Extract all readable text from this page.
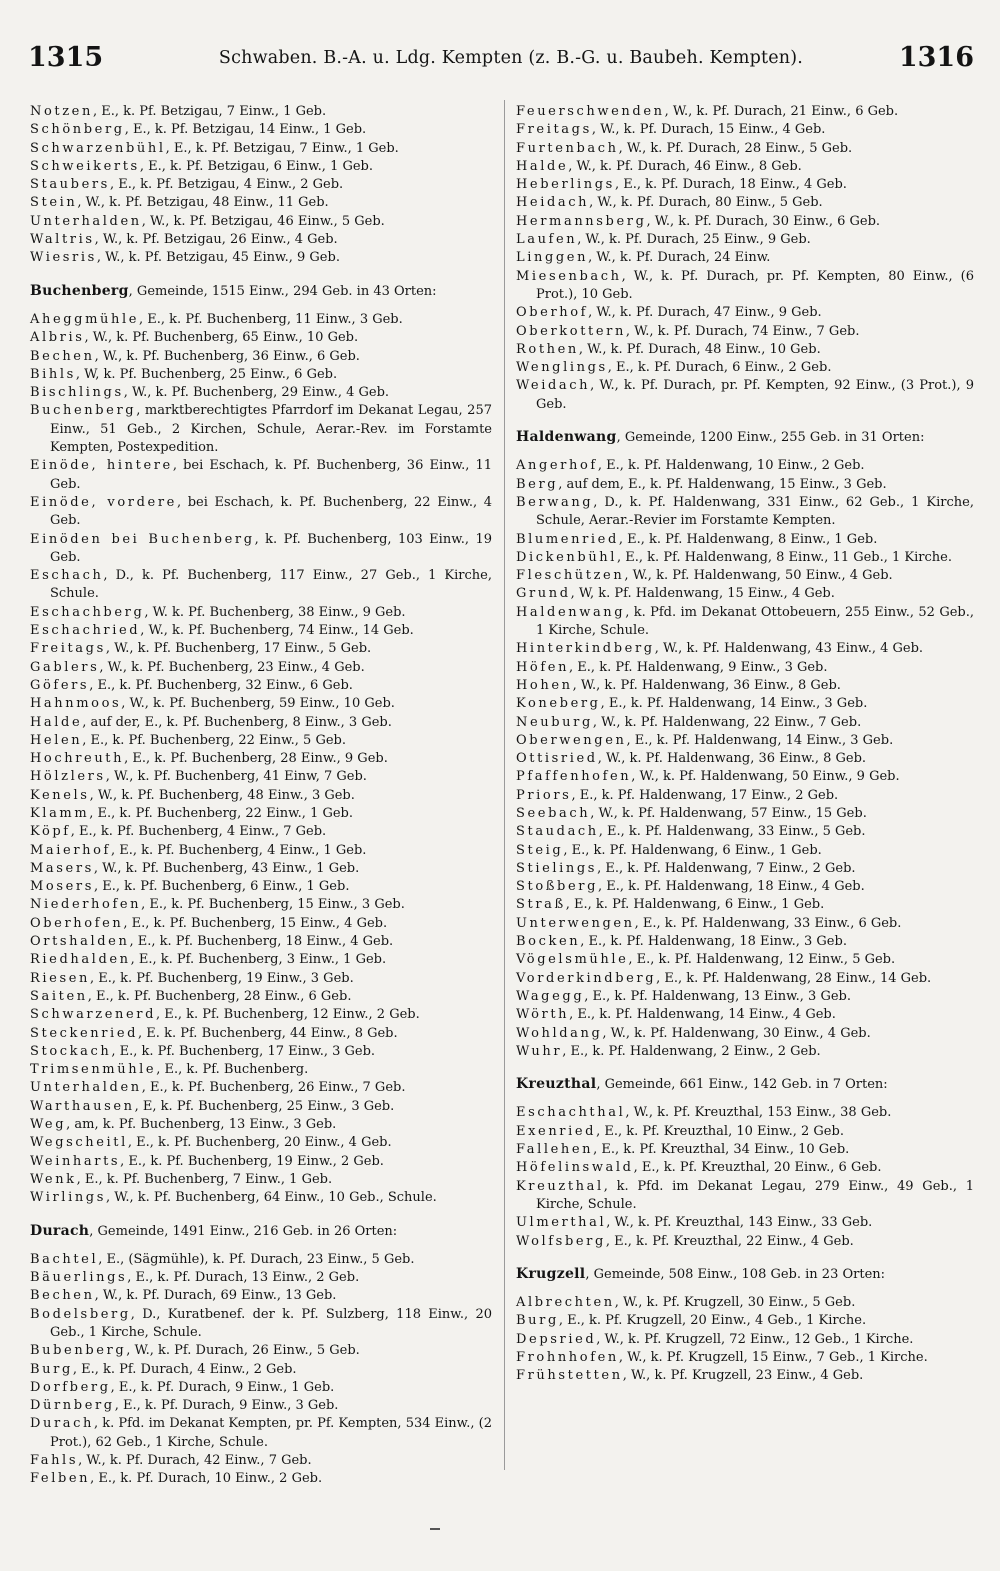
1315	Schwaben. B.-A. u. Ldg. Kempten (z. B.-G. u. Baubeh. Kempten).	1316

Notzen, E., k. Pf. Betzigau, 7 Einw., 1 Geb.

Schönberg, E., k. Pf. Betzigau, 14 Einw., 1 Geb.

Schwarzenbühl, E., k. Pf. Betzigau, 7 Einw., 1 Geb.

Schweikerts, E., k. Pf. Betzigau, 6 Einw., 1 Geb.

Staubers, E., k. Pf. Betzigau, 4 Einw., 2 Geb.

Stein, W., k. Pf. Betzigau, 48 Einw., 11 Geb.

Unterhalden, W., k. Pf. Betzigau, 46 Einw., 5 Geb.

Waltris, W., k. Pf. Betzigau, 26 Einw., 4 Geb.

Wiesris, W., k. Pf. Betzigau, 45 Einw., 9 Geb.

Buchenberg, Gemeinde, 1515 Einw., 294 Geb. in 43 Orten:

Aheggmühle, E., k. Pf. Buchenberg, 11 Einw., 3 Geb.

Albris, W., k. Pf. Buchenberg, 65 Einw., 10 Geb.

Bechen, W., k. Pf. Buchenberg, 36 Einw., 6 Geb.

Bihls, W, k. Pf. Buchenberg, 25 Einw., 6 Geb.

Bischlings, W., k. Pf. Buchenberg, 29 Einw., 4 Geb.

Buchenberg, marktberechtigtes Pfarrdorf im Dekanat Legau, 257 Einw., 51 Geb., 2 Kirchen, Schule, Aerar.-Rev. im Forstamte Kempten, Postexpedition.

Einöde, hintere, bei Eschach, k. Pf. Buchenberg, 36 Einw., 11 Geb.

Einöde, vordere, bei Eschach, k. Pf. Buchenberg, 22 Einw., 4 Geb.

Einöden bei Buchenberg, k. Pf. Buchenberg, 103 Einw., 19 Geb.

Eschach, D., k. Pf. Buchenberg, 117 Einw., 27 Geb., 1 Kirche, Schule.

Eschachberg, W. k. Pf. Buchenberg, 38 Einw., 9 Geb.

Eschachried, W., k. Pf. Buchenberg, 74 Einw., 14 Geb.

Freitags, W., k. Pf. Buchenberg, 17 Einw., 5 Geb.

Gablers, W., k. Pf. Buchenberg, 23 Einw., 4 Geb.

Göfers, E., k. Pf. Buchenberg, 32 Einw., 6 Geb.

Hahnmoos, W., k. Pf. Buchenberg, 59 Einw., 10 Geb.

Halde, auf der, E., k. Pf. Buchenberg, 8 Einw., 3 Geb.

Helen, E., k. Pf. Buchenberg, 22 Einw., 5 Geb.

Hochreuth, E., k. Pf. Buchenberg, 28 Einw., 9 Geb.

Hölzlers, W., k. Pf. Buchenberg, 41 Einw, 7 Geb.

Kenels, W., k. Pf. Buchenberg, 48 Einw., 3 Geb.

Klamm, E., k. Pf. Buchenberg, 22 Einw., 1 Geb.

Köpf, E., k. Pf. Buchenberg, 4 Einw., 7 Geb.

Maierhof, E., k. Pf. Buchenberg, 4 Einw., 1 Geb.

Masers, W., k. Pf. Buchenberg, 43 Einw., 1 Geb.

Mosers, E., k. Pf. Buchenberg, 6 Einw., 1 Geb.

Niederhofen, E., k. Pf. Buchenberg, 15 Einw., 3 Geb.

Oberhofen, E., k. Pf. Buchenberg, 15 Einw., 4 Geb.

Ortshalden, E., k. Pf. Buchenberg, 18 Einw., 4 Geb.

Riedhalden, E., k. Pf. Buchenberg, 3 Einw., 1 Geb.

Riesen, E., k. Pf. Buchenberg, 19 Einw., 3 Geb.

Saiten, E., k. Pf. Buchenberg, 28 Einw., 6 Geb.

Schwarzenerd, E., k. Pf. Buchenberg, 12 Einw., 2 Geb.

Steckenried, E. k. Pf. Buchenberg, 44 Einw., 8 Geb.

Stockach, E., k. Pf. Buchenberg, 17 Einw., 3 Geb.

Trimsenmühle, E., k. Pf. Buchenberg.

Unterhalden, E., k. Pf. Buchenberg, 26 Einw., 7 Geb.

Warthausen, E, k. Pf. Buchenberg, 25 Einw., 3 Geb.

Weg, am, k. Pf. Buchenberg, 13 Einw., 3 Geb.

Wegscheitl, E., k. Pf. Buchenberg, 20 Einw., 4 Geb.

Weinharts, E., k. Pf. Buchenberg, 19 Einw., 2 Geb.

Wenk, E., k. Pf. Buchenberg, 7 Einw., 1 Geb.

Wirlings, W., k. Pf. Buchenberg, 64 Einw., 10 Geb., Schule.

Durach, Gemeinde, 1491 Einw., 216 Geb. in 26 Orten:

Bachtel, E., (Sägmühle), k. Pf. Durach, 23 Einw., 5 Geb.

Bäuerlings, E., k. Pf. Durach, 13 Einw., 2 Geb.

Bechen, W., k. Pf. Durach, 69 Einw., 13 Geb.

Bodelsberg, D., Kuratbenef. der k. Pf. Sulzberg, 118 Einw., 20 Geb., 1 Kirche, Schule.

Bubenberg, W., k. Pf. Durach, 26 Einw., 5 Geb.

Burg, E., k. Pf. Durach, 4 Einw., 2 Geb.

Dorfberg, E., k. Pf. Durach, 9 Einw., 1 Geb.

Dürnberg, E., k. Pf. Durach, 9 Einw., 3 Geb.

Durach, k. Pfd. im Dekanat Kempten, pr. Pf. Kempten, 534 Einw., (2 Prot.), 62 Geb., 1 Kirche, Schule.

Fahls, W., k. Pf. Durach, 42 Einw., 7 Geb.

Felben, E., k. Pf. Durach, 10 Einw., 2 Geb.

Feuerschwenden, W., k. Pf. Durach, 21 Einw., 6 Geb.

Freitags, W., k. Pf. Durach, 15 Einw., 4 Geb.

Furtenbach, W., k. Pf. Durach, 28 Einw., 5 Geb.

Halde, W., k. Pf. Durach, 46 Einw., 8 Geb.

Heberlings, E., k. Pf. Durach, 18 Einw., 4 Geb.

Heidach, W., k. Pf. Durach, 80 Einw., 5 Geb.

Hermannsberg, W., k. Pf. Durach, 30 Einw., 6 Geb.

Laufen, W., k. Pf. Durach, 25 Einw., 9 Geb.

Linggen, W., k. Pf. Durach, 24 Einw.

Miesenbach, W., k. Pf. Durach, pr. Pf. Kempten, 80 Einw., (6 Prot.), 10 Geb.

Oberhof, W., k. Pf. Durach, 47 Einw., 9 Geb.

Oberkottern, W., k. Pf. Durach, 74 Einw., 7 Geb.

Rothen, W., k. Pf. Durach, 48 Einw., 10 Geb.

Wenglings, E., k. Pf. Durach, 6 Einw., 2 Geb.

Weidach, W., k. Pf. Durach, pr. Pf. Kempten, 92 Einw., (3 Prot.), 9 Geb.

Haldenwang, Gemeinde, 1200 Einw., 255 Geb. in 31 Orten:

Angerhof, E., k. Pf. Haldenwang, 10 Einw., 2 Geb.

Berg, auf dem, E., k. Pf. Haldenwang, 15 Einw., 3 Geb.

Berwang, D., k. Pf. Haldenwang, 331 Einw., 62 Geb., 1 Kirche, Schule, Aerar.-Revier im Forstamte Kempten.

Blumenried, E., k. Pf. Haldenwang, 8 Einw., 1 Geb.

Dickenbühl, E., k. Pf. Haldenwang, 8 Einw., 11 Geb., 1 Kirche.

Fleschützen, W., k. Pf. Haldenwang, 50 Einw., 4 Geb.

Grund, W, k. Pf. Haldenwang, 15 Einw., 4 Geb.

Haldenwang, k. Pfd. im Dekanat Ottobeuern, 255 Einw., 52 Geb., 1 Kirche, Schule.

Hinterkindberg, W., k. Pf. Haldenwang, 43 Einw., 4 Geb.

Höfen, E., k. Pf. Haldenwang, 9 Einw., 3 Geb.

Hohen, W., k. Pf. Haldenwang, 36 Einw., 8 Geb.

Koneberg, E., k. Pf. Haldenwang, 14 Einw., 3 Geb.

Neuburg, W., k. Pf. Haldenwang, 22 Einw., 7 Geb.

Oberwengen, E., k. Pf. Haldenwang, 14 Einw., 3 Geb.

Ottisried, W., k. Pf. Haldenwang, 36 Einw., 8 Geb.

Pfaffenhofen, W., k. Pf. Haldenwang, 50 Einw., 9 Geb.

Priors, E., k. Pf. Haldenwang, 17 Einw., 2 Geb.

Seebach, W., k. Pf. Haldenwang, 57 Einw., 15 Geb.

Staudach, E., k. Pf. Haldenwang, 33 Einw., 5 Geb.

Steig, E., k. Pf. Haldenwang, 6 Einw., 1 Geb.

Stielings, E., k. Pf. Haldenwang, 7 Einw., 2 Geb.

Stoßberg, E., k. Pf. Haldenwang, 18 Einw., 4 Geb.

Straß, E., k. Pf. Haldenwang, 6 Einw., 1 Geb.

Unterwengen, E., k. Pf. Haldenwang, 33 Einw., 6 Geb.

Bocken, E., k. Pf. Haldenwang, 18 Einw., 3 Geb.

Vögelsmühle, E., k. Pf. Haldenwang, 12 Einw., 5 Geb.

Vorderkindberg, E., k. Pf. Haldenwang, 28 Einw., 14 Geb.

Wagegg, E., k. Pf. Haldenwang, 13 Einw., 3 Geb.

Wörth, E., k. Pf. Haldenwang, 14 Einw., 4 Geb.

Wohldang, W., k. Pf. Haldenwang, 30 Einw., 4 Geb.

Wuhr, E., k. Pf. Haldenwang, 2 Einw., 2 Geb.

Kreuzthal, Gemeinde, 661 Einw., 142 Geb. in 7 Orten:

Eschachthal, W., k. Pf. Kreuzthal, 153 Einw., 38 Geb.

Exenried, E., k. Pf. Kreuzthal, 10 Einw., 2 Geb.

Fallehen, E., k. Pf. Kreuzthal, 34 Einw., 10 Geb.

Höfelinswald, E., k. Pf. Kreuzthal, 20 Einw., 6 Geb.

Kreuzthal, k. Pfd. im Dekanat Legau, 279 Einw., 49 Geb., 1 Kirche, Schule.

Ulmerthal, W., k. Pf. Kreuzthal, 143 Einw., 33 Geb.

Wolfsberg, E., k. Pf. Kreuzthal, 22 Einw., 4 Geb.

Krugzell, Gemeinde, 508 Einw., 108 Geb. in 23 Orten:

Albrechten, W., k. Pf. Krugzell, 30 Einw., 5 Geb.

Burg, E., k. Pf. Krugzell, 20 Einw., 4 Geb., 1 Kirche.

Depsried, W., k. Pf. Krugzell, 72 Einw., 12 Geb., 1 Kirche.

Frohnhofen, W., k. Pf. Krugzell, 15 Einw., 7 Geb., 1 Kirche.

Frühstetten, W., k. Pf. Krugzell, 23 Einw., 4 Geb.
